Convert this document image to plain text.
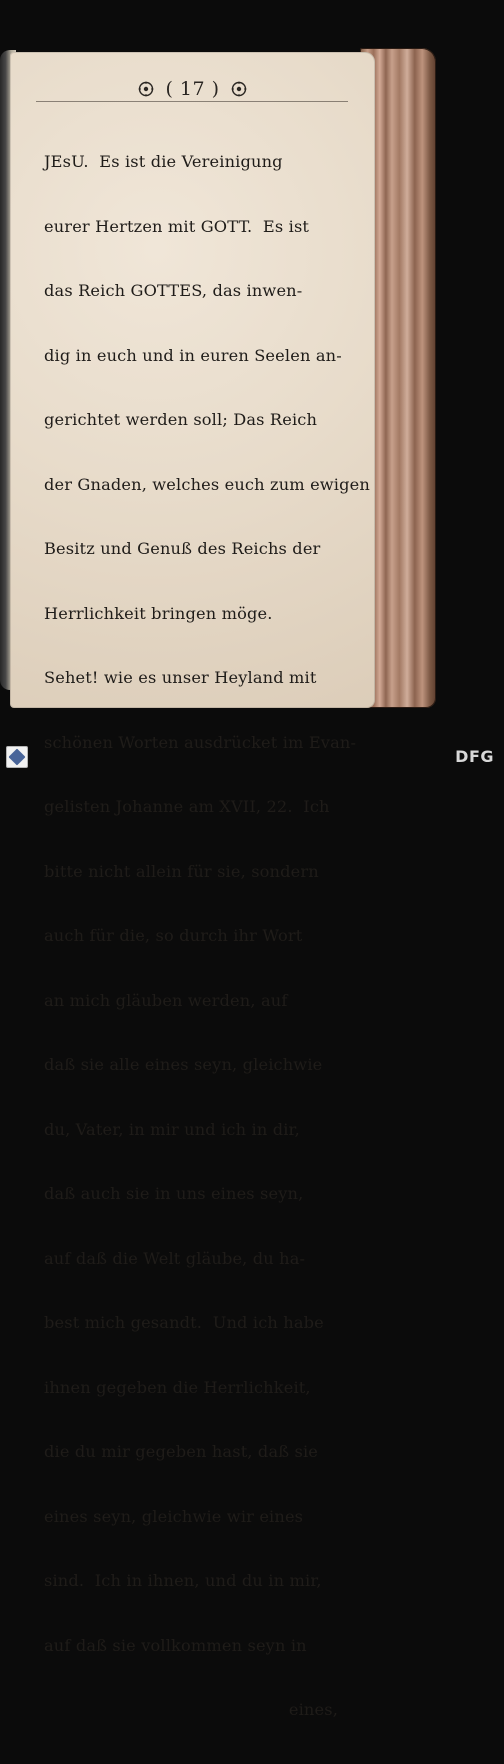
( 17 )

JEsU.  Es ist die Vereinigung

eurer Hertzen mit GOTT.  Es ist

das Reich GOTTES, das inwen-

dig in euch und in euren Seelen an-

gerichtet werden soll; Das Reich

der Gnaden, welches euch zum ewigen

Besitz und Genuß des Reichs der

Herrlichkeit bringen möge.

Sehet! wie es unser Heyland mit

schönen Worten ausdrücket im Evan-

gelisten Johanne am XVII, 22.  Ich

bitte nicht allein für sie, sondern

auch für die, so durch ihr Wort

an mich gläuben werden, auf

daß sie alle eines seyn, gleichwie

du, Vater, in mir und ich in dir,

daß auch sie in uns eines seyn,

auf daß die Welt gläube, du ha-

best mich gesandt.  Und ich habe

ihnen gegeben die Herrlichkeit,

die du mir gegeben hast, daß sie

eines seyn, gleichwie wir eines

sind.  Ich in ihnen, und du in mir,

auf daß sie vollkommen seyn in

eines,

DFG
